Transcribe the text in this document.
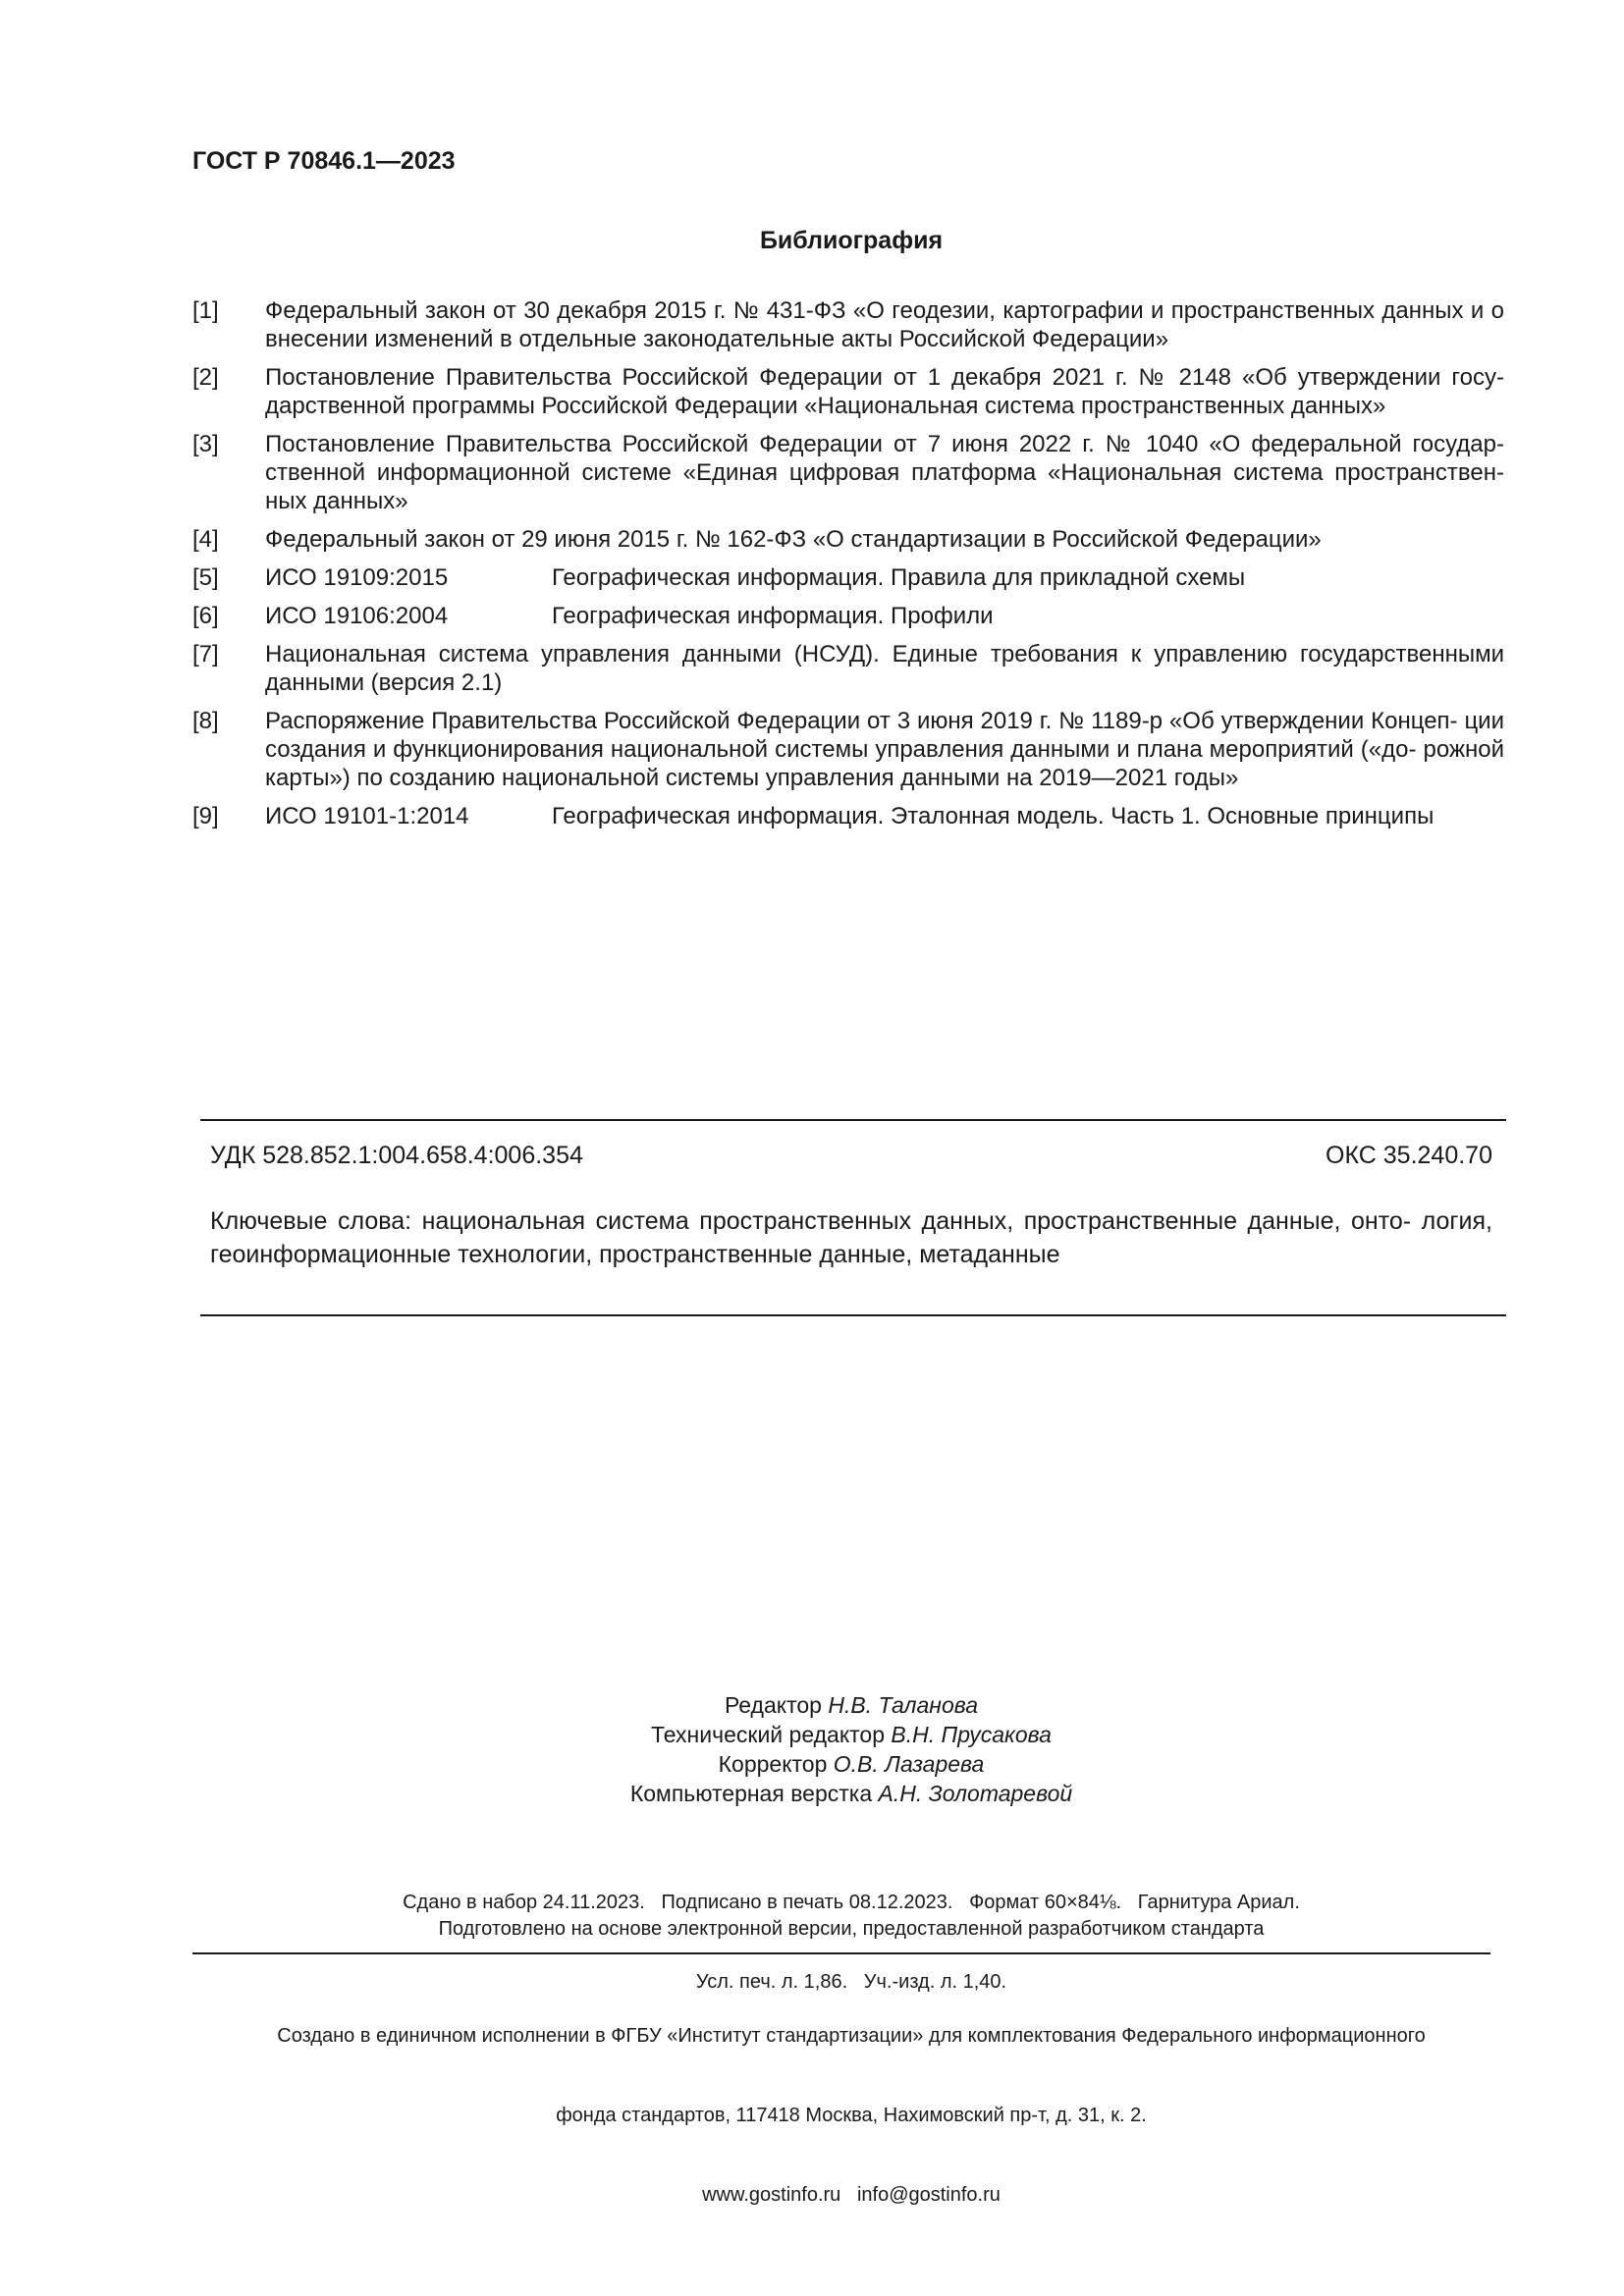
ГОСТ Р 70846.1—2023
Библиография
[1] Федеральный закон от 30 декабря 2015 г. № 431-ФЗ «О геодезии, картографии и пространственных данных и о внесении изменений в отдельные законодательные акты Российской Федерации»
[2] Постановление Правительства Российской Федерации от 1 декабря 2021 г. № 2148 «Об утверждении госу- дарственной программы Российской Федерации «Национальная система пространственных данных»
[3] Постановление Правительства Российской Федерации от 7 июня 2022 г. № 1040 «О федеральной государ- ственной информационной системе «Единая цифровая платформа «Национальная система пространствен- ных данных»
[4] Федеральный закон от 29 июня 2015 г. № 162-ФЗ «О стандартизации в Российской Федерации»
[5] ИСО 19109:2015	Географическая информация. Правила для прикладной схемы
[6] ИСО 19106:2004	Географическая информация. Профили
[7] Национальная система управления данными (НСУД). Единые требования к управлению государственными данными (версия 2.1)
[8] Распоряжение Правительства Российской Федерации от 3 июня 2019 г. № 1189-р «Об утверждении Концеп- ции создания и функционирования национальной системы управления данными и плана мероприятий («до- рожной карты») по созданию национальной системы управления данными на 2019—2021 годы»
[9] ИСО 19101-1:2014	Географическая информация. Эталонная модель. Часть 1. Основные принципы
УДК 528.852.1:004.658.4:006.354	ОКС 35.240.70
Ключевые слова: национальная система пространственных данных, пространственные данные, онто- логия, геоинформационные технологии, пространственные данные, метаданные
Редактор Н.В. Таланова
Технический редактор В.Н. Прусакова
Корректор О.В. Лазарева
Компьютерная верстка А.Н. Золотаревой

Сдано в набор 24.11.2023.   Подписано в печать 08.12.2023.   Формат 60×84⅛.   Гарнитура Ариал.

Усл. печ. л. 1,86.   Уч.-изд. л. 1,40.

Подготовлено на основе электронной версии, предоставленной разработчиком стандарта

Создано в единичном исполнении в ФГБУ «Институт стандартизации» для комплектования Федерального информационного

фонда стандартов, 117418 Москва, Нахимовский пр-т, д. 31, к. 2.

www.gostinfo.ru   info@gostinfo.ru
